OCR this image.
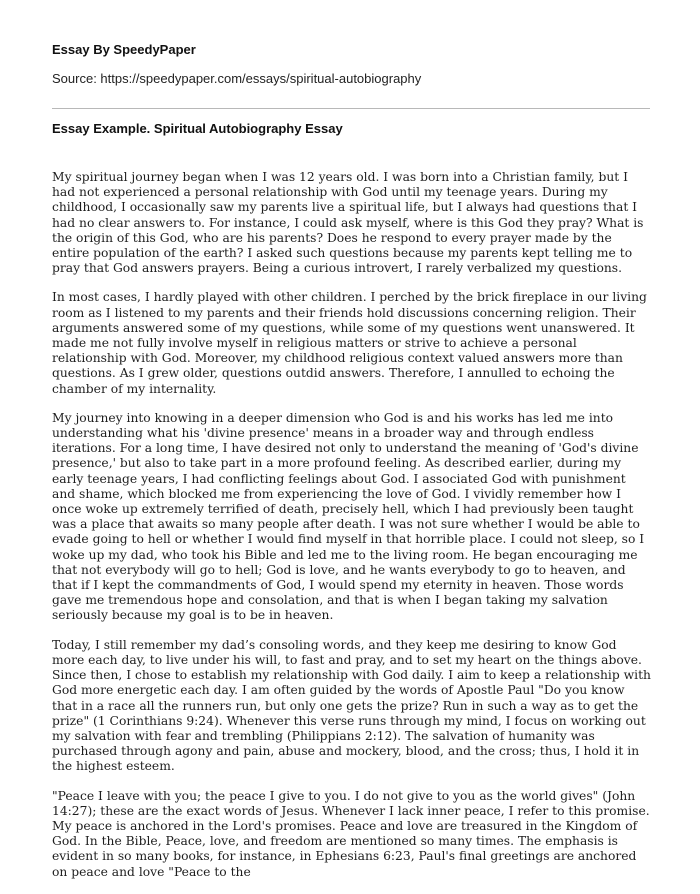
Essay By SpeedyPaper
Source: https://speedypaper.com/essays/spiritual-autobiography
Essay Example. Spiritual Autobiography Essay

My spiritual journey began when I was 12 years old. I was born into a Christian family, but I had not experienced a personal relationship with God until my teenage years. During my childhood, I occasionally saw my parents live a spiritual life, but I always had questions that I had no clear answers to. For instance, I could ask myself, where is this God they pray? What is the origin of this God, who are his parents? Does he respond to every prayer made by the entire population of the earth? I asked such questions because my parents kept telling me to pray that God answers prayers. Being a curious introvert, I rarely verbalized my questions.

In most cases, I hardly played with other children. I perched by the brick fireplace in our living room as I listened to my parents and their friends hold discussions concerning religion. Their arguments answered some of my questions, while some of my questions went unanswered. It made me not fully involve myself in religious matters or strive to achieve a personal relationship with God. Moreover, my childhood religious context valued answers more than questions. As I grew older, questions outdid answers. Therefore, I annulled to echoing the chamber of my internality.

My journey into knowing in a deeper dimension who God is and his works has led me into understanding what his 'divine presence' means in a broader way and through endless iterations. For a long time, I have desired not only to understand the meaning of 'God's divine presence,' but also to take part in a more profound feeling. As described earlier, during my early teenage years, I had conflicting feelings about God. I associated God with punishment and shame, which blocked me from experiencing the love of God. I vividly remember how I once woke up extremely terrified of death, precisely hell, which I had previously been taught was a place that awaits so many people after death. I was not sure whether I would be able to evade going to hell or whether I would find myself in that horrible place. I could not sleep, so I woke up my dad, who took his Bible and led me to the living room. He began encouraging me that not everybody will go to hell; God is love, and he wants everybody to go to heaven, and that if I kept the commandments of God, I would spend my eternity in heaven. Those words gave me tremendous hope and consolation, and that is when I began taking my salvation seriously because my goal is to be in heaven.

Today, I still remember my dad’s consoling words, and they keep me desiring to know God more each day, to live under his will, to fast and pray, and to set my heart on the things above. Since then, I chose to establish my relationship with God daily. I aim to keep a relationship with God more energetic each day. I am often guided by the words of Apostle Paul "Do you know that in a race all the runners run, but only one gets the prize? Run in such a way as to get the prize" (1 Corinthians 9:24). Whenever this verse runs through my mind, I focus on working out my salvation with fear and trembling (Philippians 2:12). The salvation of humanity was purchased through agony and pain, abuse and mockery, blood, and the cross; thus, I hold it in the highest esteem.

"Peace I leave with you; the peace I give to you. I do not give to you as the world gives" (John 14:27); these are the exact words of Jesus. Whenever I lack inner peace, I refer to this promise. My peace is anchored in the Lord's promises. Peace and love are treasured in the Kingdom of God. In the Bible, Peace, love, and freedom are mentioned so many times. The emphasis is evident in so many books, for instance, in Ephesians 6:23, Paul's final greetings are anchored on peace and love "Peace to the
